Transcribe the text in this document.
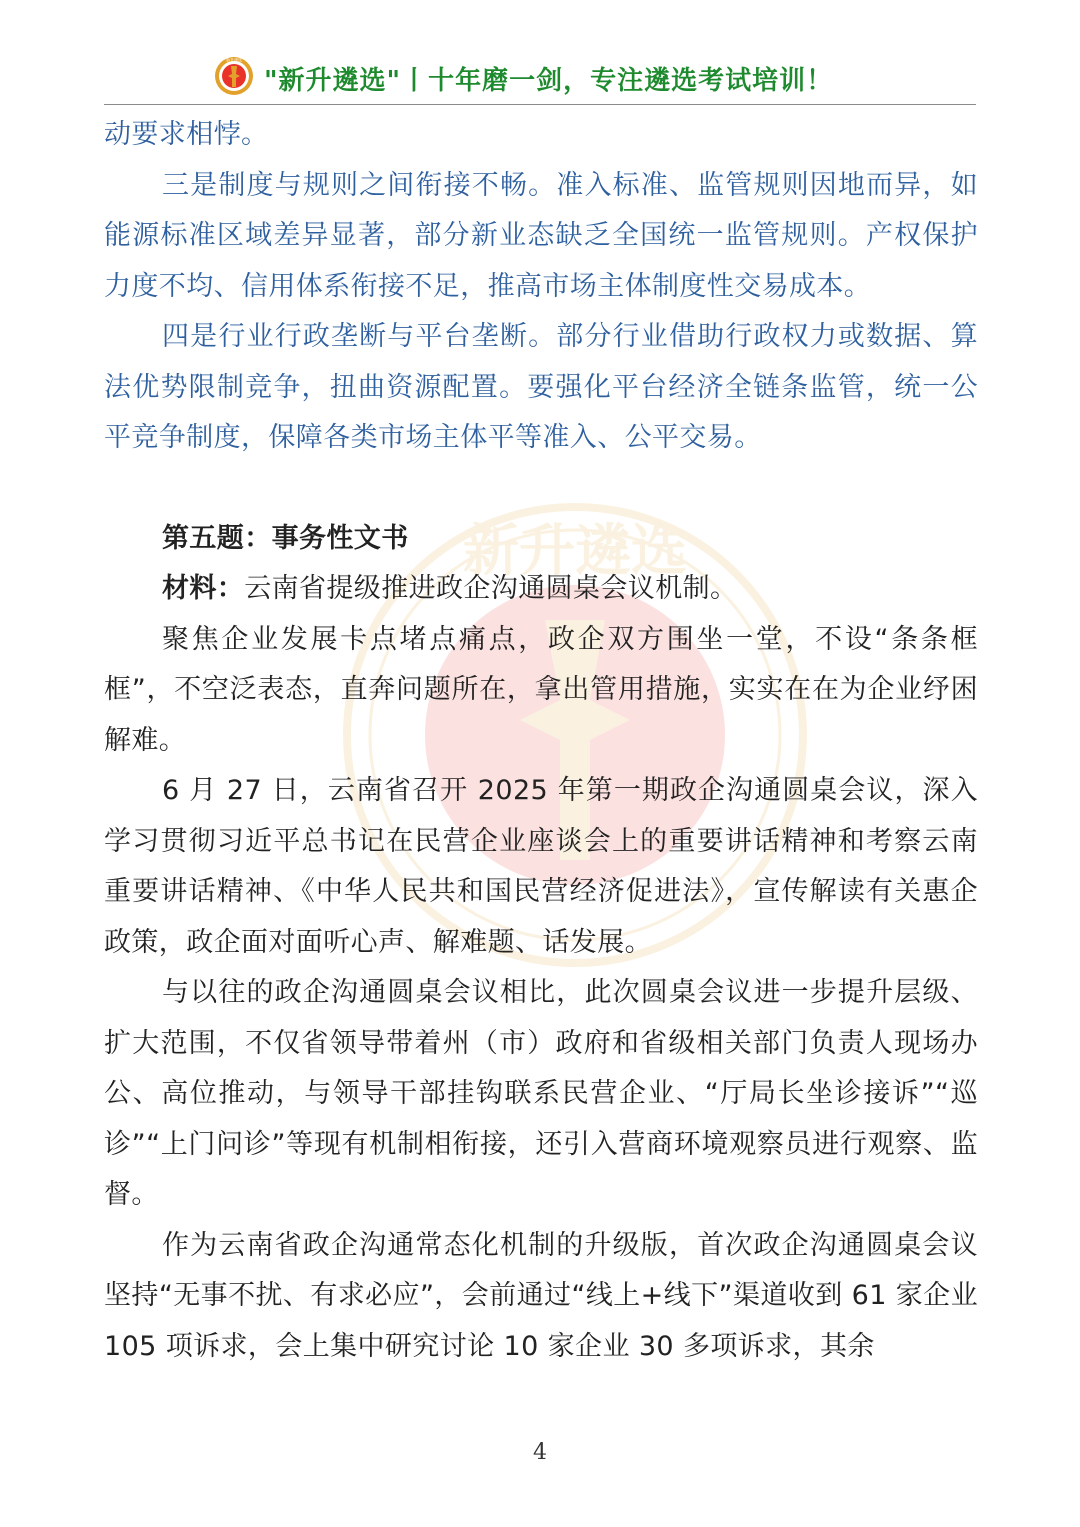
新升遴选
新升遴选
"新升遴选"丨十年磨一剑，专注遴选考试培训！

动要求相悖。

三是制度与规则之间衔接不畅。准入标准、监管规则因地而异，如能源标准区域差异显著，部分新业态缺乏全国统一监管规则。产权保护力度不均、信用体系衔接不足，推高市场主体制度性交易成本。

四是行业行政垄断与平台垄断。部分行业借助行政权力或数据、算法优势限制竞争，扭曲资源配置。要强化平台经济全链条监管，统一公平竞争制度，保障各类市场主体平等准入、公平交易。

第五题：事务性文书

材料：云南省提级推进政企沟通圆桌会议机制。

聚焦企业发展卡点堵点痛点，政企双方围坐一堂，不设“条条框框”，不空泛表态，直奔问题所在，拿出管用措施，实实在在为企业纾困解难。

6 月 27 日，云南省召开 2025 年第一期政企沟通圆桌会议，深入学习贯彻习近平总书记在民营企业座谈会上的重要讲话精神和考察云南重要讲话精神、《中华人民共和国民营经济促进法》，宣传解读有关惠企政策，政企面对面听心声、解难题、话发展。

与以往的政企沟通圆桌会议相比，此次圆桌会议进一步提升层级、扩大范围，不仅省领导带着州（市）政府和省级相关部门负责人现场办公、高位推动，与领导干部挂钩联系民营企业、“厅局长坐诊接诉”“巡诊”“上门问诊”等现有机制相衔接，还引入营商环境观察员进行观察、监督。

作为云南省政企沟通常态化机制的升级版，首次政企沟通圆桌会议坚持“无事不扰、有求必应”，会前通过“线上+线下”渠道收到 61 家企业 105 项诉求，会上集中研究讨论 10 家企业 30 多项诉求，其余

4
